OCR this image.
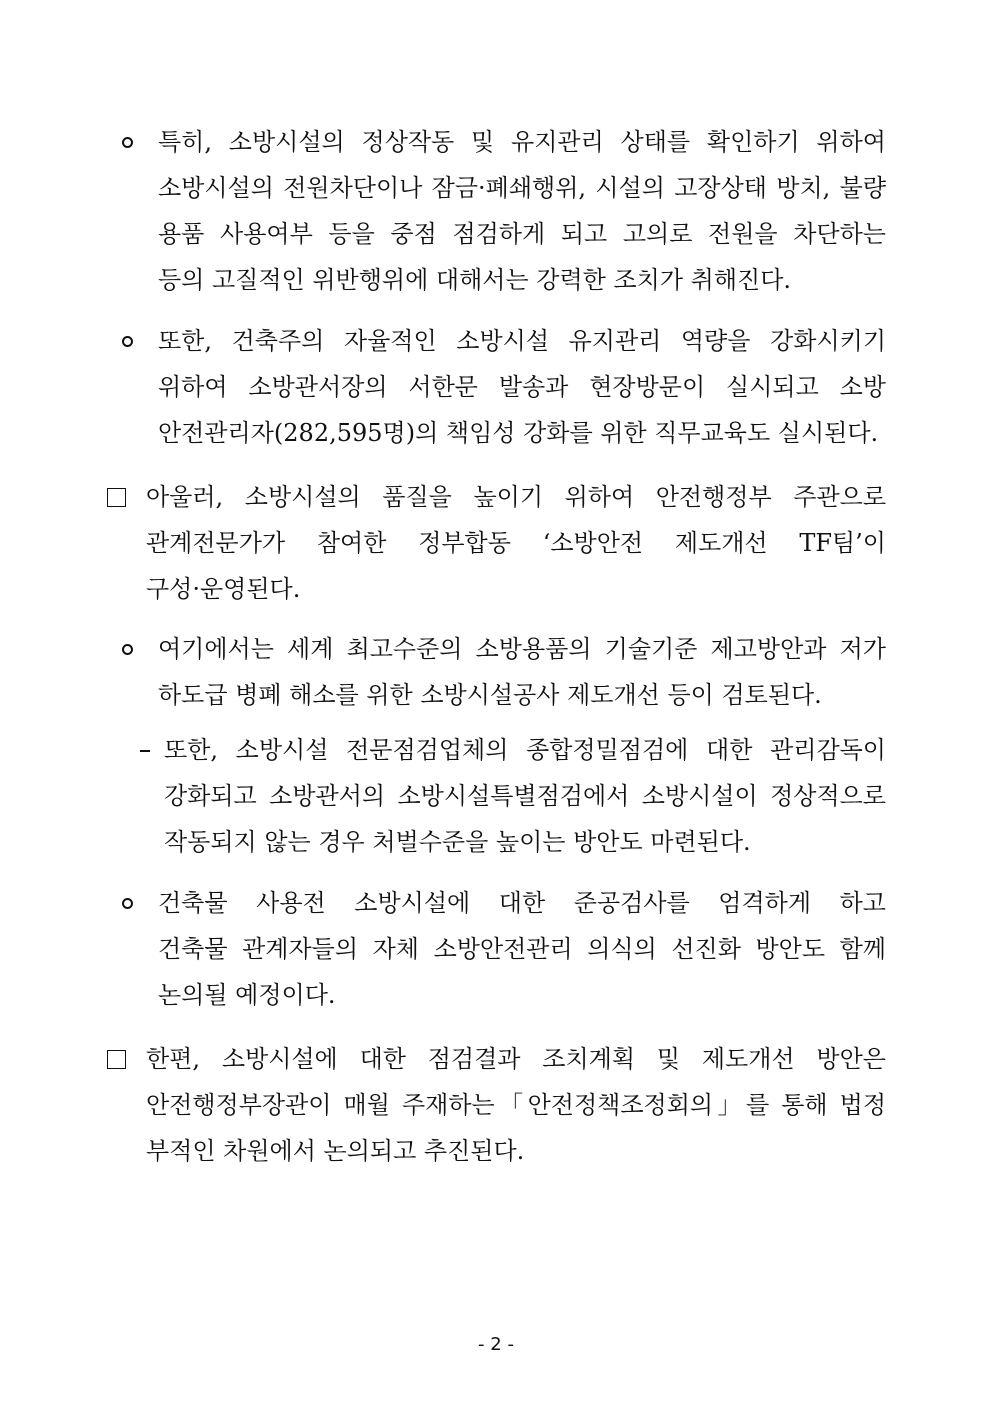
특히, 소방시설의 정상작동 및 유지관리 상태를 확인하기 위하여
소방시설의 전원차단이나 잠금·폐쇄행위, 시설의 고장상태 방치, 불량
용품 사용여부 등을 중점 점검하게 되고 고의로 전원을 차단하는
등의 고질적인 위반행위에 대해서는 강력한 조치가 취해진다.
또한, 건축주의 자율적인 소방시설 유지관리 역량을 강화시키기
위하여 소방관서장의 서한문 발송과 현장방문이 실시되고 소방
안전관리자(282,595명)의 책임성 강화를 위한 직무교육도 실시된다.
아울러, 소방시설의 품질을 높이기 위하여 안전행정부 주관으로
관계전문가가 참여한 정부합동 ‘소방안전 제도개선 TF팀’이
구성·운영된다.
여기에서는 세계 최고수준의 소방용품의 기술기준 제고방안과 저가
하도급 병폐 해소를 위한 소방시설공사 제도개선 등이 검토된다.
또한, 소방시설 전문점검업체의 종합정밀점검에 대한 관리감독이
강화되고 소방관서의 소방시설특별점검에서 소방시설이 정상적으로
작동되지 않는 경우 처벌수준을 높이는 방안도 마련된다.
건축물 사용전 소방시설에 대한 준공검사를 엄격하게 하고
건축물 관계자들의 자체 소방안전관리 의식의 선진화 방안도 함께
논의될 예정이다.
한편, 소방시설에 대한 점검결과 조치계획 및 제도개선 방안은
안전행정부장관이 매월 주재하는「안전정책조정회의」를 통해 법정
부적인 차원에서 논의되고 추진된다.
- 2 -
